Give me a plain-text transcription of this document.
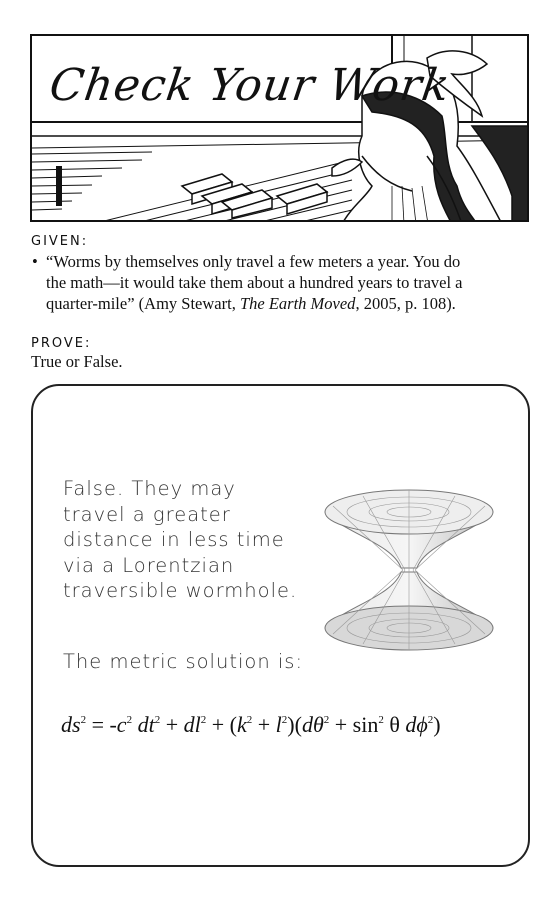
Check Your Work
GIVEN:
• “Worms by themselves only travel a few meters a year. You do
the math—it would take them about a hundred years to travel a
quarter-mile” (Amy Stewart, The Earth Moved, 2005, p. 108).
PROVE:
True or False.
False. They may
travel a greater
distance in less time
via a Lorentzian
traversible wormhole.
The metric solution is:
$ds^2 = -c^2$ $dt^2 + dl^2 + (k^2 + l^2)(d\theta^2 + \sin^2 \theta$ $d\phi^2$)
